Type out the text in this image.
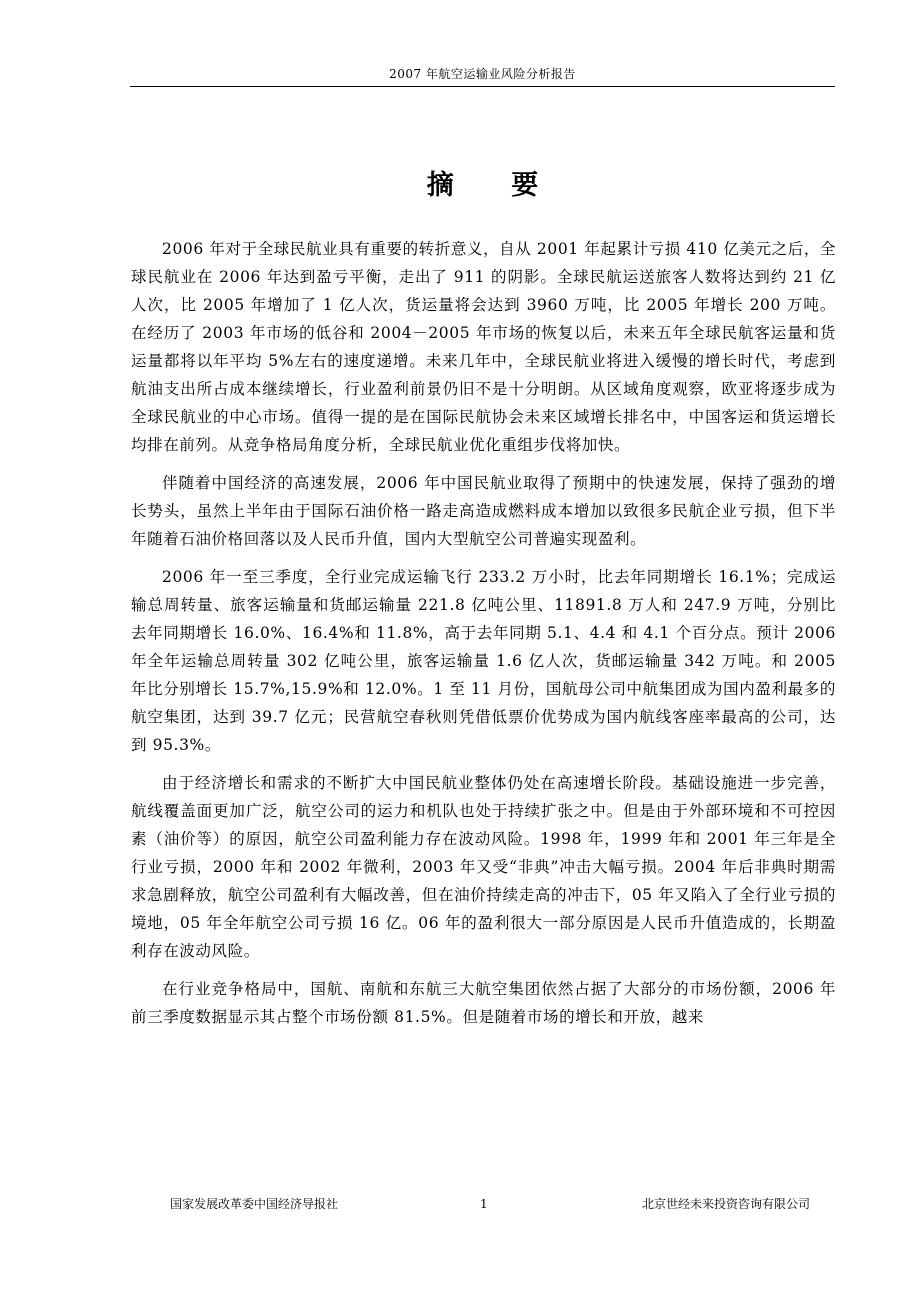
2007 年航空运输业风险分析报告
摘 要

2006 年对于全球民航业具有重要的转折意义，自从 2001 年起累计亏损 410 亿美元之后，全球民航业在 2006 年达到盈亏平衡，走出了 911 的阴影。全球民航运送旅客人数将达到约 21 亿人次，比 2005 年增加了 1 亿人次，货运量将会达到 3960 万吨，比 2005 年增长 200 万吨。在经历了 2003 年市场的低谷和 2004－2005 年市场的恢复以后，未来五年全球民航客运量和货运量都将以年平均 5%左右的速度递增。未来几年中，全球民航业将进入缓慢的增长时代，考虑到航油支出所占成本继续增长，行业盈利前景仍旧不是十分明朗。从区域角度观察，欧亚将逐步成为全球民航业的中心市场。值得一提的是在国际民航协会未来区域增长排名中，中国客运和货运增长均排在前列。从竞争格局角度分析，全球民航业优化重组步伐将加快。

伴随着中国经济的高速发展，2006 年中国民航业取得了预期中的快速发展，保持了强劲的增长势头，虽然上半年由于国际石油价格一路走高造成燃料成本增加以致很多民航企业亏损，但下半年随着石油价格回落以及人民币升值，国内大型航空公司普遍实现盈利。

2006 年一至三季度，全行业完成运输飞行 233.2 万小时，比去年同期增长 16.1%；完成运输总周转量、旅客运输量和货邮运输量 221.8 亿吨公里、11891.8 万人和 247.9 万吨，分别比去年同期增长 16.0%、16.4%和 11.8%，高于去年同期 5.1、4.4 和 4.1 个百分点。预计 2006 年全年运输总周转量 302 亿吨公里，旅客运输量 1.6 亿人次，货邮运输量 342 万吨。和 2005 年比分别增长 15.7%,15.9%和 12.0%。1 至 11 月份，国航母公司中航集团成为国内盈利最多的航空集团，达到 39.7 亿元；民营航空春秋则凭借低票价优势成为国内航线客座率最高的公司，达到 95.3%。

由于经济增长和需求的不断扩大中国民航业整体仍处在高速增长阶段。基础设施进一步完善，航线覆盖面更加广泛，航空公司的运力和机队也处于持续扩张之中。但是由于外部环境和不可控因素（油价等）的原因，航空公司盈利能力存在波动风险。1998 年，1999 年和 2001 年三年是全行业亏损，2000 年和 2002 年微利，2003 年又受“非典”冲击大幅亏损。2004 年后非典时期需求急剧释放，航空公司盈利有大幅改善，但在油价持续走高的冲击下，05 年又陷入了全行业亏损的境地，05 年全年航空公司亏损 16 亿。06 年的盈利很大一部分原因是人民币升值造成的，长期盈利存在波动风险。

在行业竞争格局中，国航、南航和东航三大航空集团依然占据了大部分的市场份额，2006 年前三季度数据显示其占整个市场份额 81.5%。但是随着市场的增长和开放，越来

国家发展改革委中国经济导报社	1	北京世经未来投资咨询有限公司
